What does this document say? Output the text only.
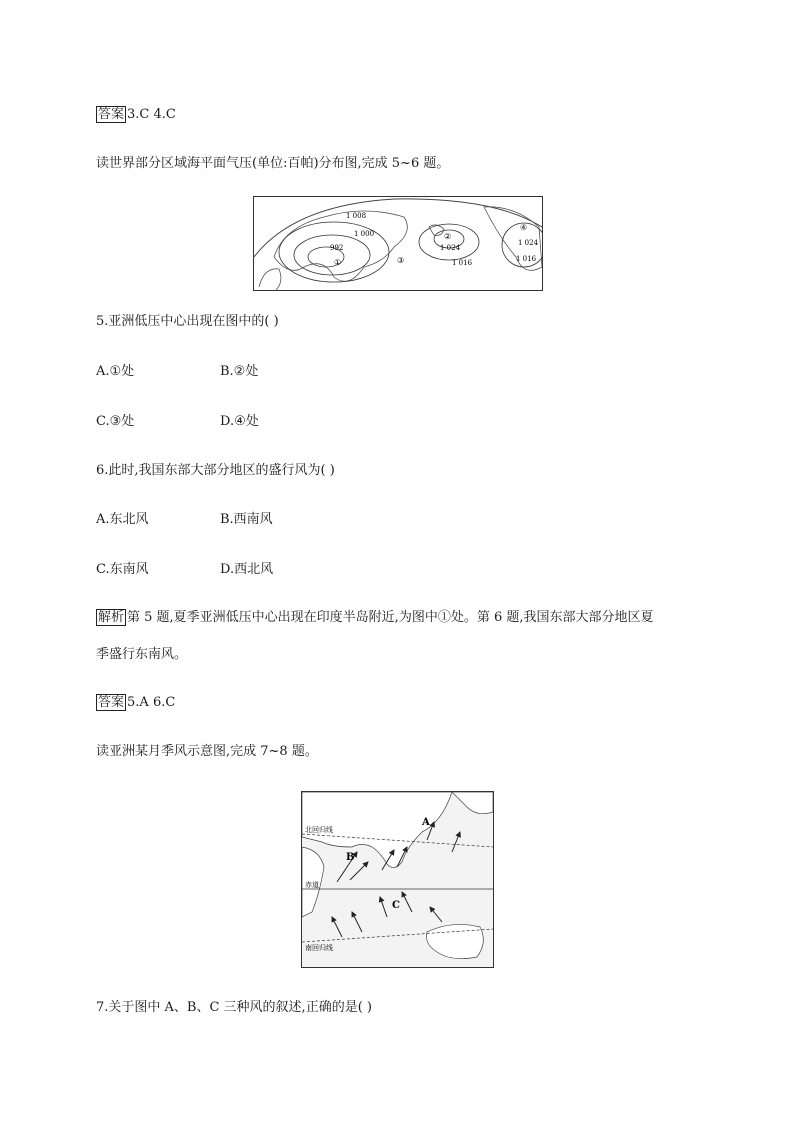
答案 3.C 4.C
读世界部分区域海平面气压(单位:百帕)分布图,完成 5~6 题。
1 008
1 000
992	1 024
1 016
1 024
1 016
①
②
③
④
5.亚洲低压中心出现在图中的( )
A.①处	B.②处
C.③处	D.④处
6.此时,我国东部大部分地区的盛行风为( )
A.东北风	B.西南风
C.东南风	D.西北风
解析 第 5 题,夏季亚洲低压中心出现在印度半岛附近,为图中①处。第 6 题,我国东部大部分地区夏
季盛行东南风。
答案 5.A 6.C
读亚洲某月季风示意图,完成 7~8 题。
北回归线
赤道
南回归线
A
B
C
7.关于图中 A、B、C 三种风的叙述,正确的是( )
